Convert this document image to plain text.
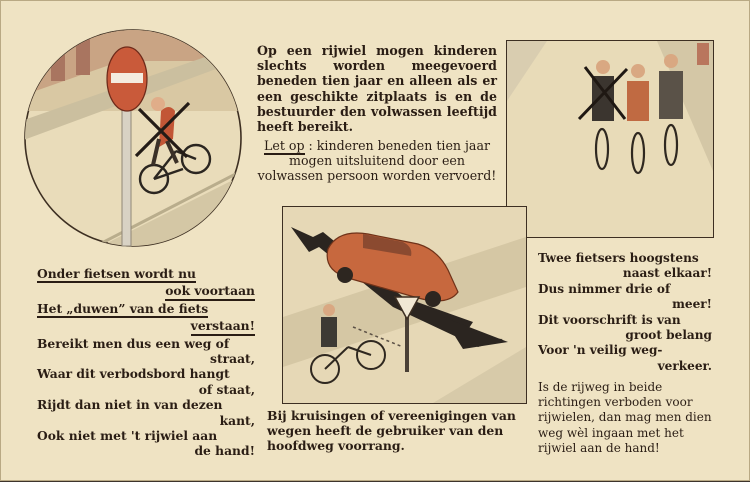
Op een rijwiel mogen kinderen slechts worden meegevoerd beneden tien jaar en alleen als er een geschikte zitplaats is en de bestuurder den volwassen leeftijd heeft bereikt.

Let op : kinderen beneden tien jaar mogen uitsluitend door een volwassen persoon worden vervoerd!

Onder fietsen wordt nu

ook voortaan

Het „duwen” van de fiets

verstaan!

Bereikt men dus een weg of

straat,

Waar dit verbodsbord hangt

of staat,

Rijdt dan niet in van dezen

kant,

Ook niet met 't rijwiel aan

de hand!

Twee fietsers hoogstens

naast elkaar!

Dus nimmer drie of

meer!

Dit voorschrift is van

groot belang

Voor 'n veilig weg-

verkeer.

Is de rijweg in beide richtingen verboden voor rijwielen, dan mag men dien weg wèl ingaan met het rijwiel aan de hand!

Bij kruisingen of vereenigingen van wegen heeft de gebruiker van den hoofdweg voorrang.
